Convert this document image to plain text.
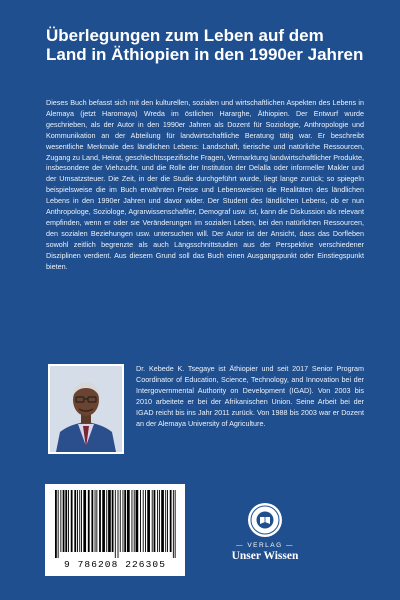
Überlegungen zum Leben auf dem Land in Äthiopien in den 1990er Jahren

Dieses Buch befasst sich mit den kulturellen, sozialen und wirtschaftlichen Aspekten des Lebens in Alemaya (jetzt Haromaya) Wreda im östlichen Hararghe, Äthiopien. Der Entwurf wurde geschrieben, als der Autor in den 1990er Jahren als Dozent für Soziologie, Anthropologie und Kommunikation an der Abteilung für landwirtschaftliche Beratung tätig war. Er beschreibt wesentliche Merkmale des ländlichen Lebens: Landschaft, tierische und natürliche Ressourcen, Zugang zu Land, Heirat, geschlechtsspezifische Fragen, Vermarktung landwirtschaftlicher Produkte, insbesondere der Viehzucht, und die Rolle der Institution der Delalla oder informeller Makler und der Umsatzsteuer. Die Zeit, in der die Studie durchgeführt wurde, liegt lange zurück; so spiegeln beispielsweise die im Buch erwähnten Preise und Lebensweisen die Realitäten des ländlichen Lebens in den 1990er Jahren und davor wider. Der Student des ländlichen Lebens, ob er nun Anthropologe, Soziologe, Agrarwissenschaftler, Demograf usw. ist, kann die Diskussion als relevant empfinden, wenn er oder sie Veränderungen im sozialen Leben, bei den natürlichen Ressourcen, den sozialen Beziehungen usw. untersuchen will. Der Autor ist der Ansicht, dass das Dorfleben sowohl zeitlich begrenzte als auch Längsschnittstudien aus der Perspektive verschiedener Disziplinen verdient. Aus diesem Grund soll das Buch einen Ausgangspunkt oder Einstiegspunkt bieten.

Dr. Kebede K. Tsegaye ist Äthiopier und seit 2017 Senior Program Coordinator of Education, Science, Technology, and Innovation bei der Intergovernmental Authority on Development (IGAD). Von 2003 bis 2010 arbeitete er bei der Afrikanischen Union. Seine Arbeit bei der IGAD reicht bis ins Jahr 2011 zurück. Von 1988 bis 2003 war er Dozent an der Alemaya University of Agriculture.

9 786208 226305
— VERLAG —
Unser Wissen
